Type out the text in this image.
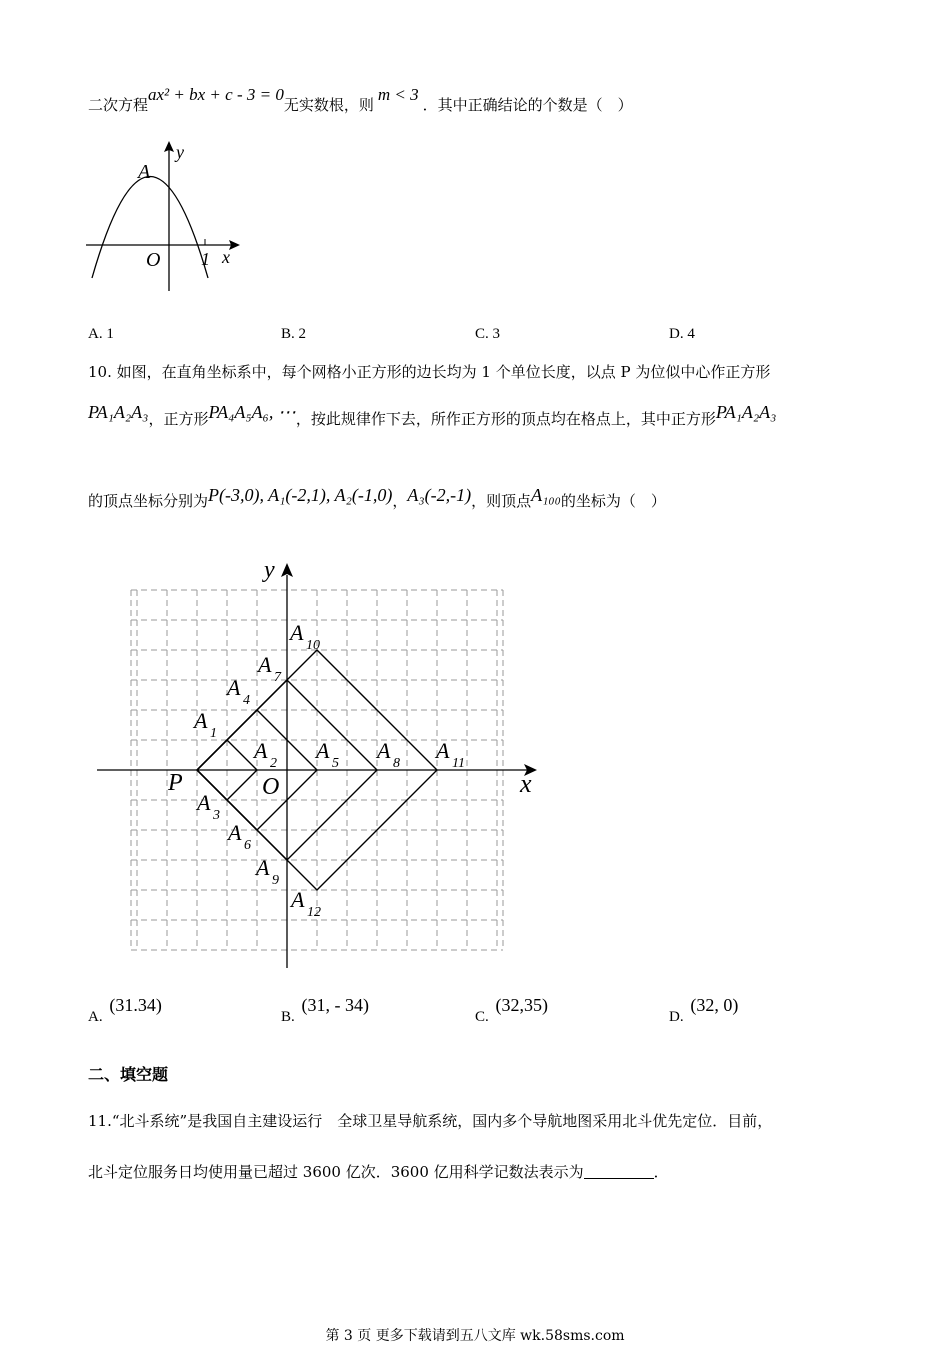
二次方程ax² + bx + c - 3 = 0无实数根，则m < 3．其中正确结论的个数是（　）
A
y
O 1 x
A. 1	B. 2	C. 3	D. 4
10. 如图，在直角坐标系中，每个网格小正方形的边长均为 1 个单位长度，以点 P 为位似中心作正方形
PA₁A₂A₃，正方形PA₄A₅A₆, ⋯，按此规律作下去，所作正方形的顶点均在格点上，其中正方形PA₁A₂A₃
的顶点坐标分别为P(-3,0), A₁(-2,1), A₂(-1,0)，A₃(-2,-1)，则顶点A₁₀₀的坐标为（　）
y
x
P	O
A
1
A
2
A
3
A
4
A
5
A
6
A
7
A
8
A
9
A
10
A
11
A
12
A. (31.34)
B. (31, - 34)
C. (32,35)
D. (32, 0)
二、填空题
11.“北斗系统”是我国自主建设运行　全球卫星导航系统，国内多个导航地图采用北斗优先定位．目前，
北斗定位服务日均使用量已超过 3600 亿次．3600 亿用科学记数法表示为	．
第 3 页 更多下载请到五八文库 wk.58sms.com
